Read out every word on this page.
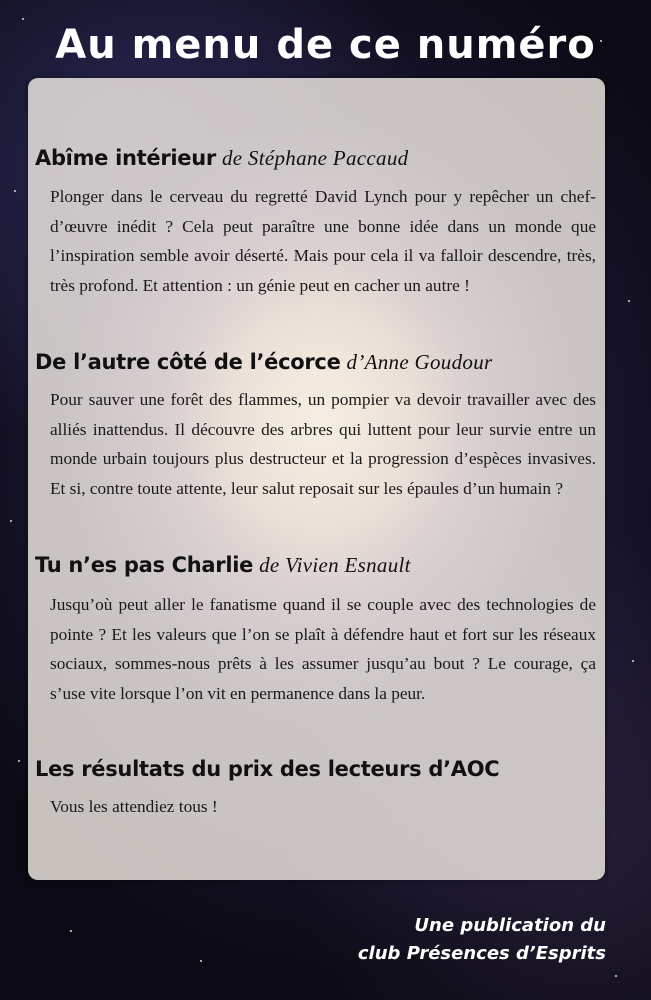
Au menu de ce numéro
Abîme intérieur de Stéphane Paccaud

Plonger dans le cerveau du regretté David Lynch pour y repêcher un chef-d’œuvre inédit ? Cela peut paraître une bonne idée dans un monde que l’inspiration semble avoir déserté. Mais pour cela il va falloir descendre, très, très profond. Et attention : un génie peut en cacher un autre !

De l’autre côté de l’écorce d’Anne Goudour

Pour sauver une forêt des flammes, un pompier va devoir travailler avec des alliés inattendus. Il découvre des arbres qui luttent pour leur survie entre un monde urbain toujours plus destructeur et la progression d’espèces invasives. Et si, contre toute attente, leur salut reposait sur les épaules d’un humain ?

Tu n’es pas Charlie de Vivien Esnault

Jusqu’où peut aller le fanatisme quand il se couple avec des technologies de pointe ? Et les valeurs que l’on se plaît à défendre haut et fort sur les réseaux sociaux, sommes-nous prêts à les assumer jusqu’au bout ? Le courage, ça s’use vite lorsque l’on vit en permanence dans la peur.

Les résultats du prix des lecteurs d’AOC

Vous les attendiez tous !

Une publication du
club Présences d’Esprits
